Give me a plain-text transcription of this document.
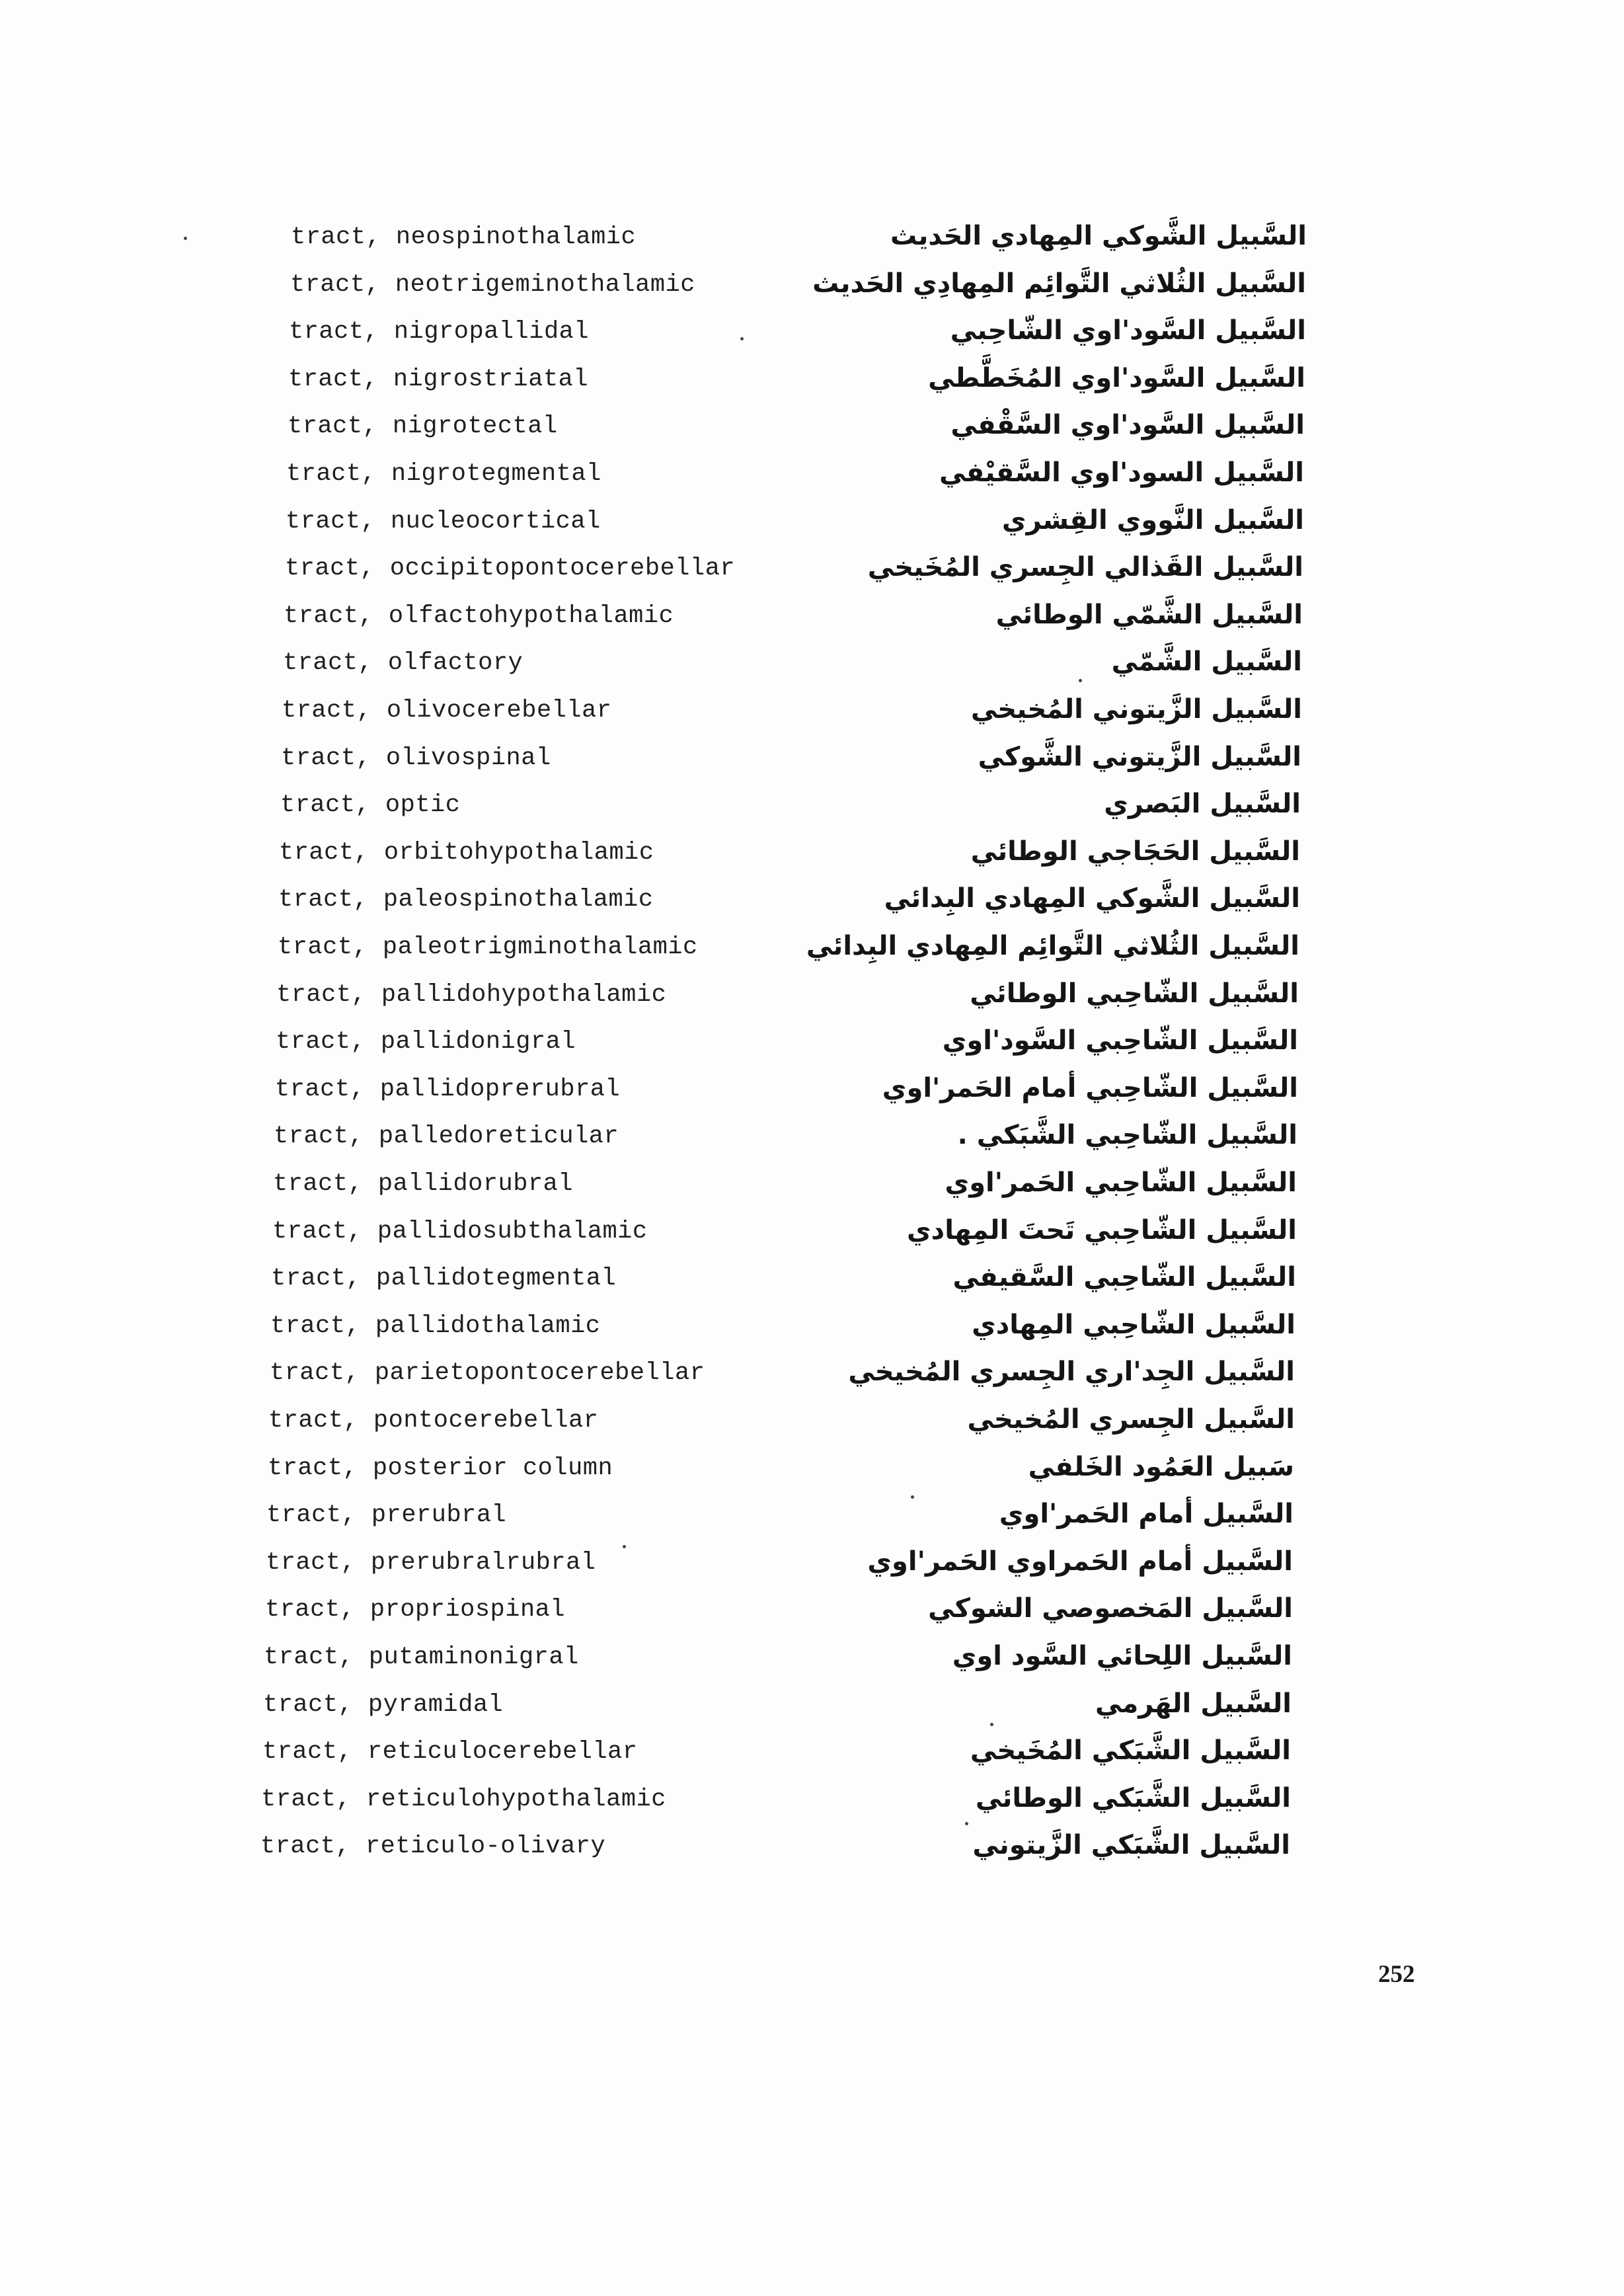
tract, neospinothalamic	السَّبيل الشَّوكي المِهادي الحَديث
tract, neotrigeminothalamic	السَّبيل الثُلاثي التَّوائِم المِهادِي الحَديث
tract, nigropallidal	السَّبيل السَّود'اوي الشّاحِبي
tract, nigrostriatal	السَّبيل السَّود'اوي المُخَطَّطي
tract, nigrotectal	السَّبيل السَّود'اوي السَّقْفي
tract, nigrotegmental	السَّبيل السود'اوي السَّقيْفي
tract, nucleocortical	السَّبيل النَّووي القِشري
tract, occipitopontocerebellar	السَّبيل القَذالي الجِسري المُخَيخي
tract, olfactohypothalamic	السَّبيل الشَّمّي الوطائي
tract, olfactory	السَّبيل الشَّمّي
tract, olivocerebellar	السَّبيل الزَّيتوني المُخيخي
tract, olivospinal	السَّبيل الزَّيتوني الشَّوكي
tract, optic	السَّبيل البَصري
tract, orbitohypothalamic	السَّبيل الحَجَاجي الوطائي
tract, paleospinothalamic	السَّبيل الشَّوكي المِهادي البِدائي
tract, paleotrigminothalamic	السَّبيل الثُلاثي التَّوائِم المِهادي البِدائي
tract, pallidohypothalamic	السَّبيل الشّاحِبي الوطائي
tract, pallidonigral	السَّبيل الشّاحِبي السَّود'اوي
tract, pallidoprerubral	السَّبيل الشّاحِبي أمام الحَمر'اوي
tract, palledoreticular	السَّبيل الشّاحِبي الشَّبَكي .
tract, pallidorubral	السَّبيل الشّاحِبي الحَمر'اوي
tract, pallidosubthalamic	السَّبيل الشّاحِبي تَحتَ المِهادي
tract, pallidotegmental	السَّبيل الشّاحِبي السَّقيفي
tract, pallidothalamic	السَّبيل الشّاحِبي المِهادي
tract, parietopontocerebellar	السَّبيل الجِد'اري الجِسري المُخيخي
tract, pontocerebellar	السَّبيل الجِسري المُخيخي
tract, posterior column	سَبيل العَمُود الخَلفي
tract, prerubral	السَّبيل أمام الحَمر'اوي
tract, prerubralrubral	السَّبيل أمام الحَمراوي الحَمر'اوي
tract, propriospinal	السَّبيل المَخصوصي الشوكي
tract, putaminonigral	السَّبيل اللِحائي السَّود اوي
tract, pyramidal	السَّبيل الهَرمي
tract, reticulocerebellar	السَّبيل الشَّبَكي المُخَيخي
tract, reticulohypothalamic	السَّبيل الشَّبَكي الوطائي
tract, reticulo-olivary	السَّبيل الشَّبَكي الزَّيتوني
252
